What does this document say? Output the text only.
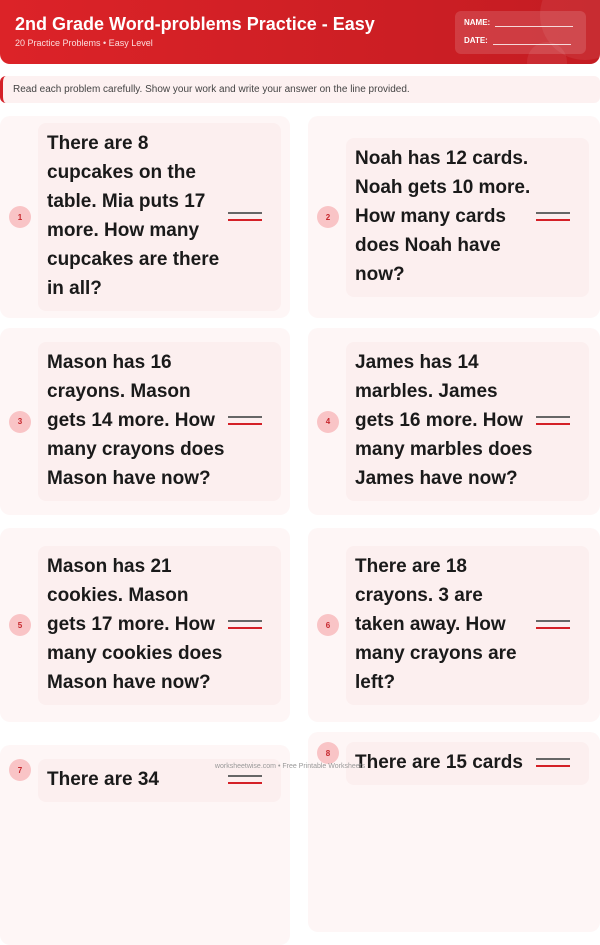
2nd Grade Word-problems Practice - Easy
20 Practice Problems • Easy Level
NAME:
DATE:
Read each problem carefully. Show your work and write your answer on the line provided.
1
There are 8 cupcakes on the table. Mia puts 17 more. How many cupcakes are there in all?
2
Noah has 12 cards. Noah gets 10 more. How many cards does Noah have now?
3
Mason has 16 crayons. Mason gets 14 more. How many crayons does Mason have now?
4
James has 14 marbles. James gets 16 more. How many marbles does James have now?
5
Mason has 21 cookies. Mason gets 17 more. How many cookies does Mason have now?
6
There are 18 crayons. 3 are taken away. How many crayons are left?
7	There are 34
8	There are 15 cards
worksheetwise.com • Free Printable Worksheets
